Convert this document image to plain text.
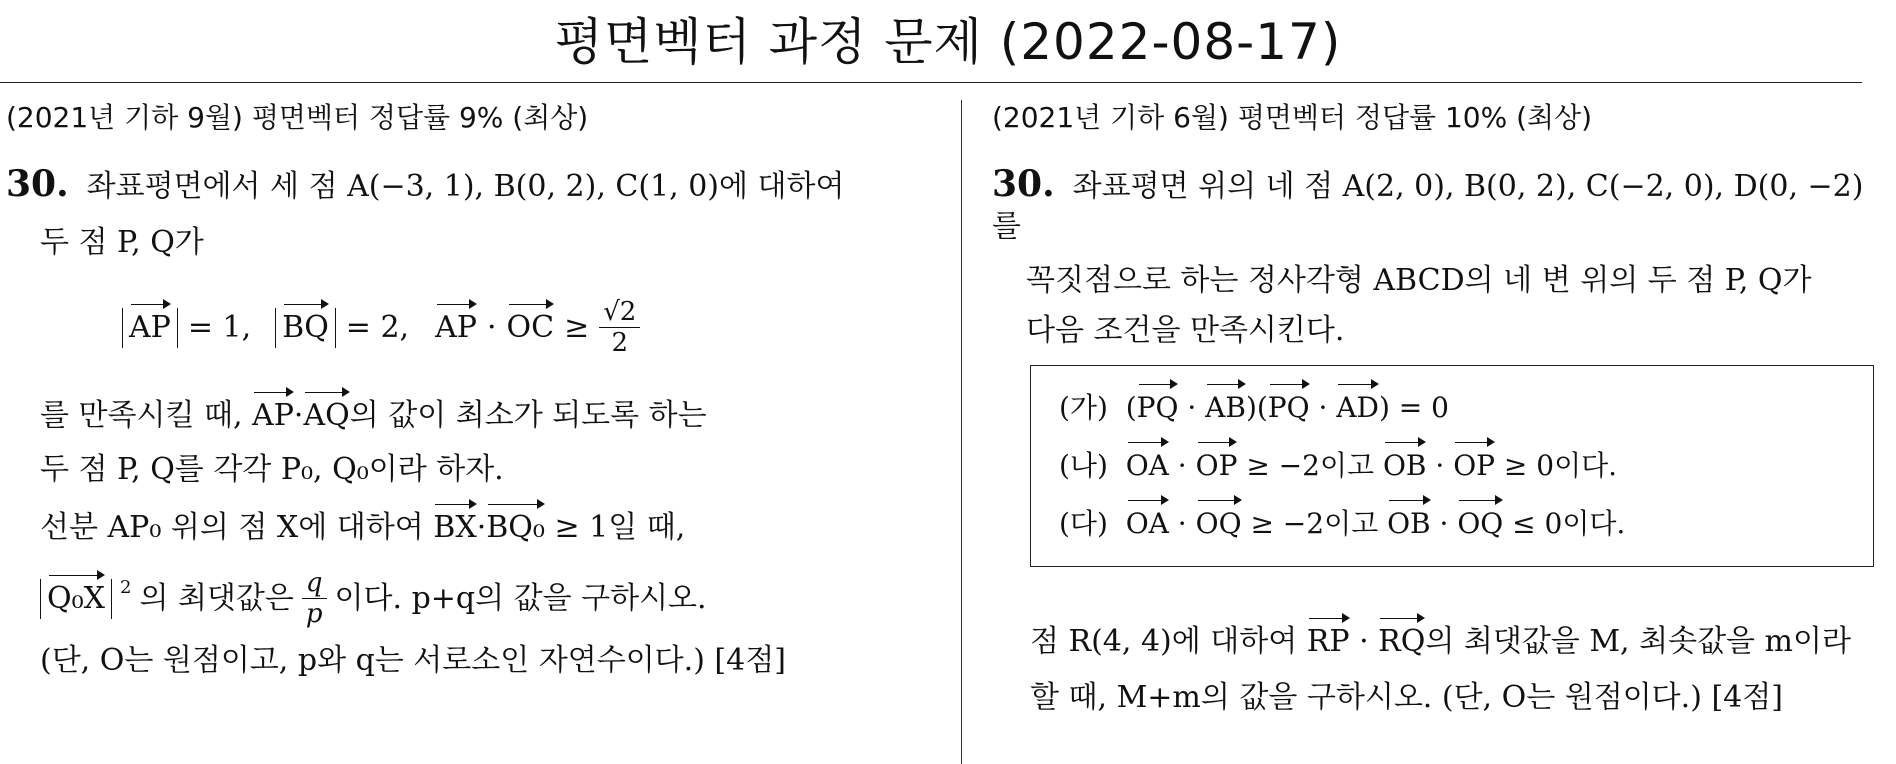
평면벡터 과정 문제 (2022-08-17)
(2021년 기하 9월) 평면벡터 정답률 9% (최상)
30. 좌표평면에서 세 점 A(−3, 1), B(0, 2), C(1, 0)에 대하여
두 점 P, Q가
AP = 1, BQ = 2, AP · OC ≥ $\frac{√2}{2}$
를 만족시킬 때, AP·AQ의 값이 최소가 되도록 하는
두 점 P, Q를 각각 P₀, Q₀이라 하자.
선분 AP₀ 위의 점 X에 대하여 BX·BQ₀ ≥ 1일 때,
Q₀X $^2$ 의 최댓값은 $\frac{q}{p}$ 이다. p+q의 값을 구하시오.
(단, O는 원점이고, p와 q는 서로소인 자연수이다.) [4점]
(2021년 기하 6월) 평면벡터 정답률 10% (최상)
30. 좌표평면 위의 네 점 A(2, 0), B(0, 2), C(−2, 0), D(0, −2)를
꼭짓점으로 하는 정사각형 ABCD의 네 변 위의 두 점 P, Q가
다음 조건을 만족시킨다.
(가)  (PQ · AB)(PQ · AD) = 0
(나) OA · OP ≥ −2이고 OB · OP ≥ 0이다.
(다) OA · OQ ≥ −2이고 OB · OQ ≤ 0이다.
점 R(4, 4)에 대하여 RP · RQ의 최댓값을 M, 최솟값을 m이라
할 때, M+m의 값을 구하시오. (단, O는 원점이다.) [4점]
